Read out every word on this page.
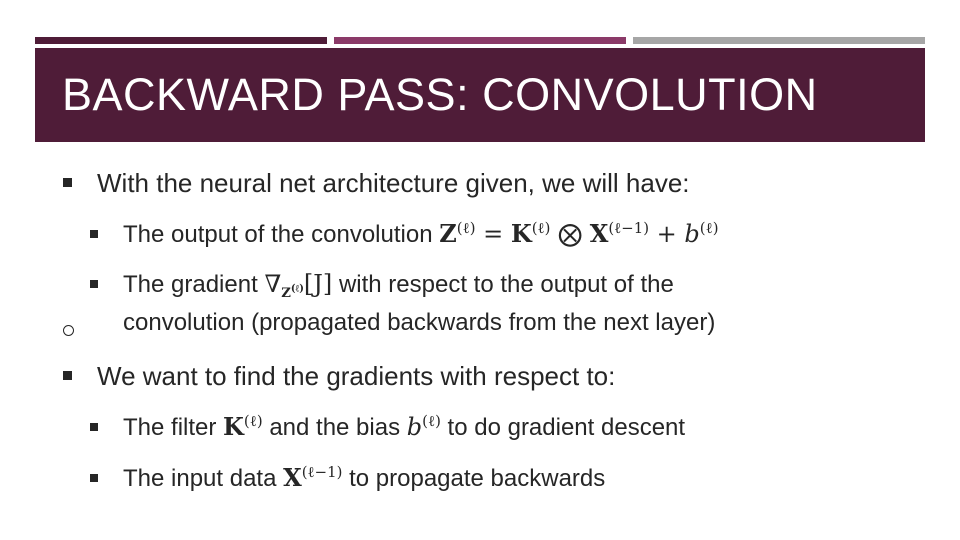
BACKWARD PASS: CONVOLUTION
With the neural net architecture given, we will have:
The output of the convolution $Z^{(\ell)} = K^{(\ell)}$ ⨂ $X^{(\ell-1)} + b^{(\ell)}$
The gradient $\nabla_{Z^{(\ell)}}[J]$ with respect to the output of the
convolution (propagated backwards from the next layer)
We want to find the gradients with respect to:
The filter $K^{(\ell)}$ and the bias $b^{(\ell)}$ to do gradient descent
The input data $X^{(\ell-1)}$ to propagate backwards
